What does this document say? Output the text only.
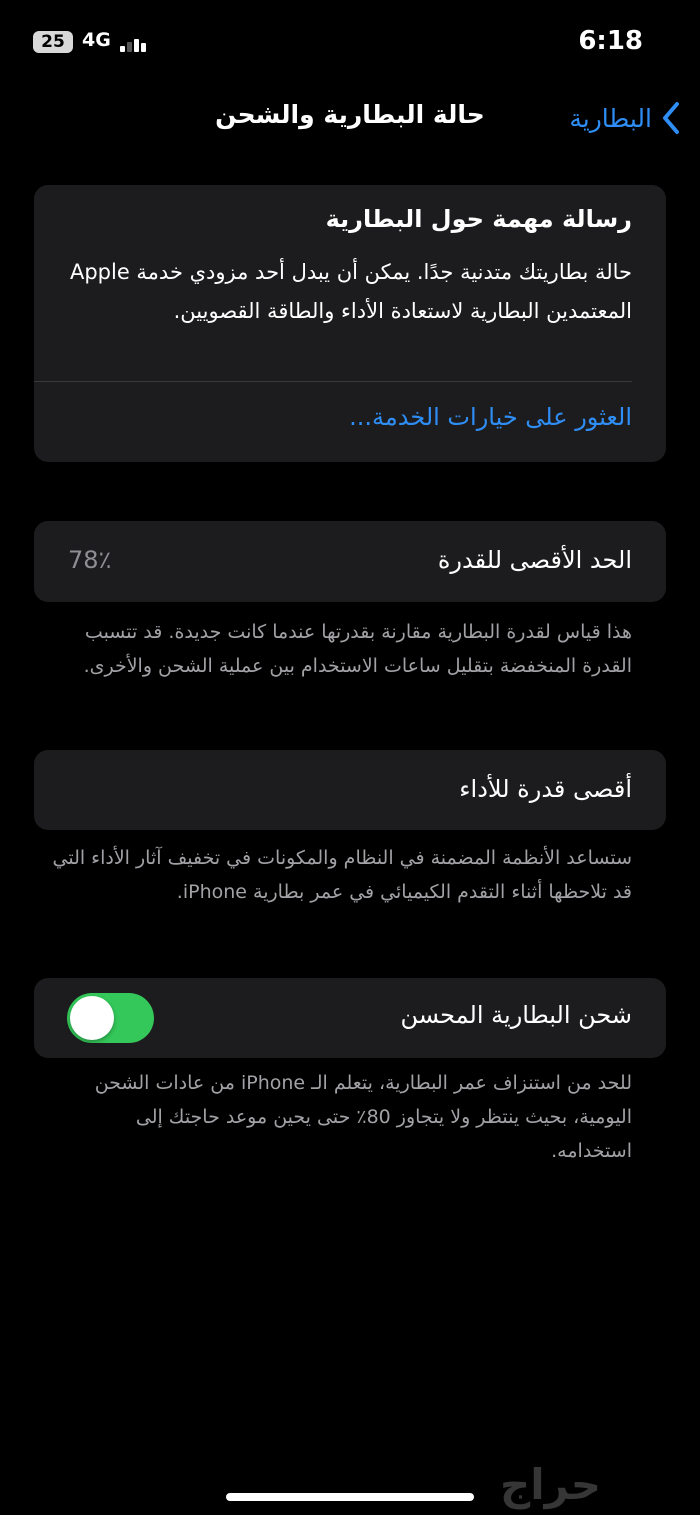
25 4G	6:18
حالة البطارية والشحن	البطارية
رسالة مهمة حول البطارية
حالة بطاريتك متدنية جدًا. يمكن أن يبدل أحد مزودي خدمة Apple المعتمدين البطارية لاستعادة الأداء والطاقة القصويين.
العثور على خيارات الخدمة...
الحد الأقصى للقدرة
78٪
هذا قياس لقدرة البطارية مقارنة بقدرتها عندما كانت جديدة. قد تتسبب القدرة المنخفضة بتقليل ساعات الاستخدام بين عملية الشحن والأخرى.
أقصى قدرة للأداء
ستساعد الأنظمة المضمنة في النظام والمكونات في تخفيف آثار الأداء التي قد تلاحظها أثناء التقدم الكيميائي في عمر بطارية iPhone.
شحن البطارية المحسن
للحد من استنزاف عمر البطارية، يتعلم الـ iPhone من عادات الشحن اليومية، بحيث ينتظر ولا يتجاوز 80٪ حتى يحين موعد حاجتك إلى استخدامه.
حراج
